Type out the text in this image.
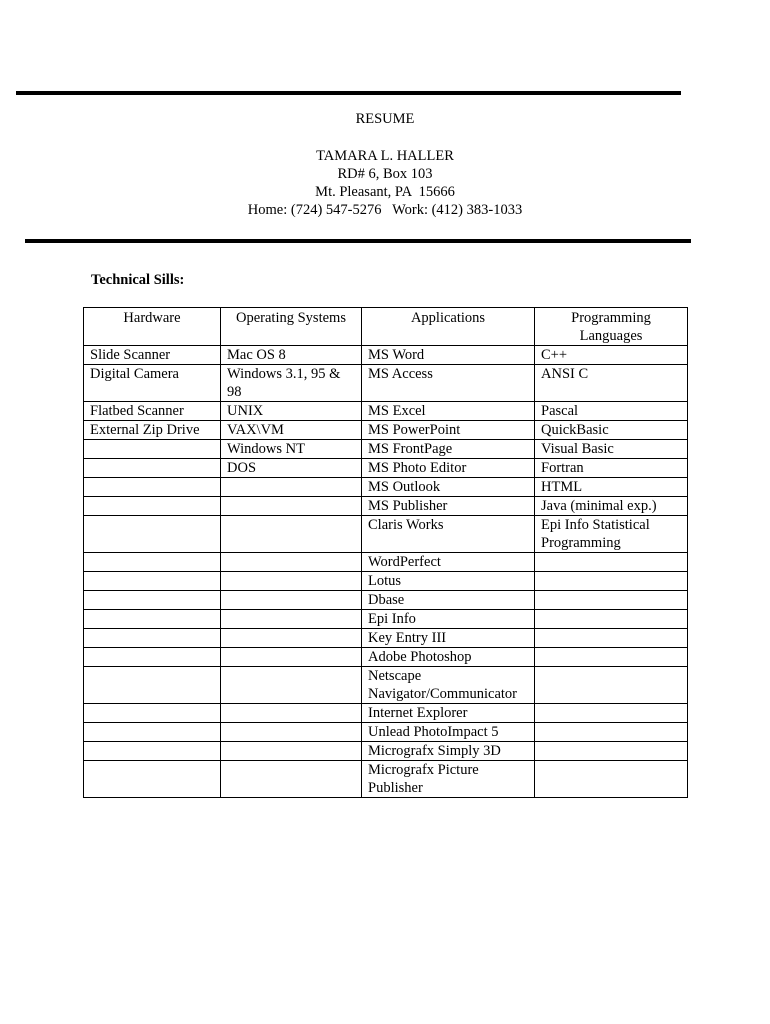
RESUME
TAMARA L. HALLER
RD# 6, Box 103
Mt. Pleasant, PA  15666
Home: (724) 547-5276   Work: (412) 383-1033
Technical Sills:
Hardware	Operating Systems	Applications	Programming Languages
Slide Scanner	Mac OS 8	MS Word	C++
Digital Camera	Windows 3.1, 95 & 98	MS Access	ANSI C
Flatbed Scanner	UNIX	MS Excel	Pascal
External Zip Drive	VAX\VM	MS PowerPoint	QuickBasic
	Windows NT	MS FrontPage	Visual Basic
	DOS	MS Photo Editor	Fortran
		MS Outlook	HTML
		MS Publisher	Java (minimal exp.)
		Claris Works	Epi Info Statistical Programming
		WordPerfect	
		Lotus	
		Dbase	
		Epi Info	
		Key Entry III	
		Adobe Photoshop	
		Netscape Navigator/Communicator	
		Internet Explorer	
		Unlead PhotoImpact 5	
		Micrografx Simply 3D	
		Micrografx Picture Publisher	
